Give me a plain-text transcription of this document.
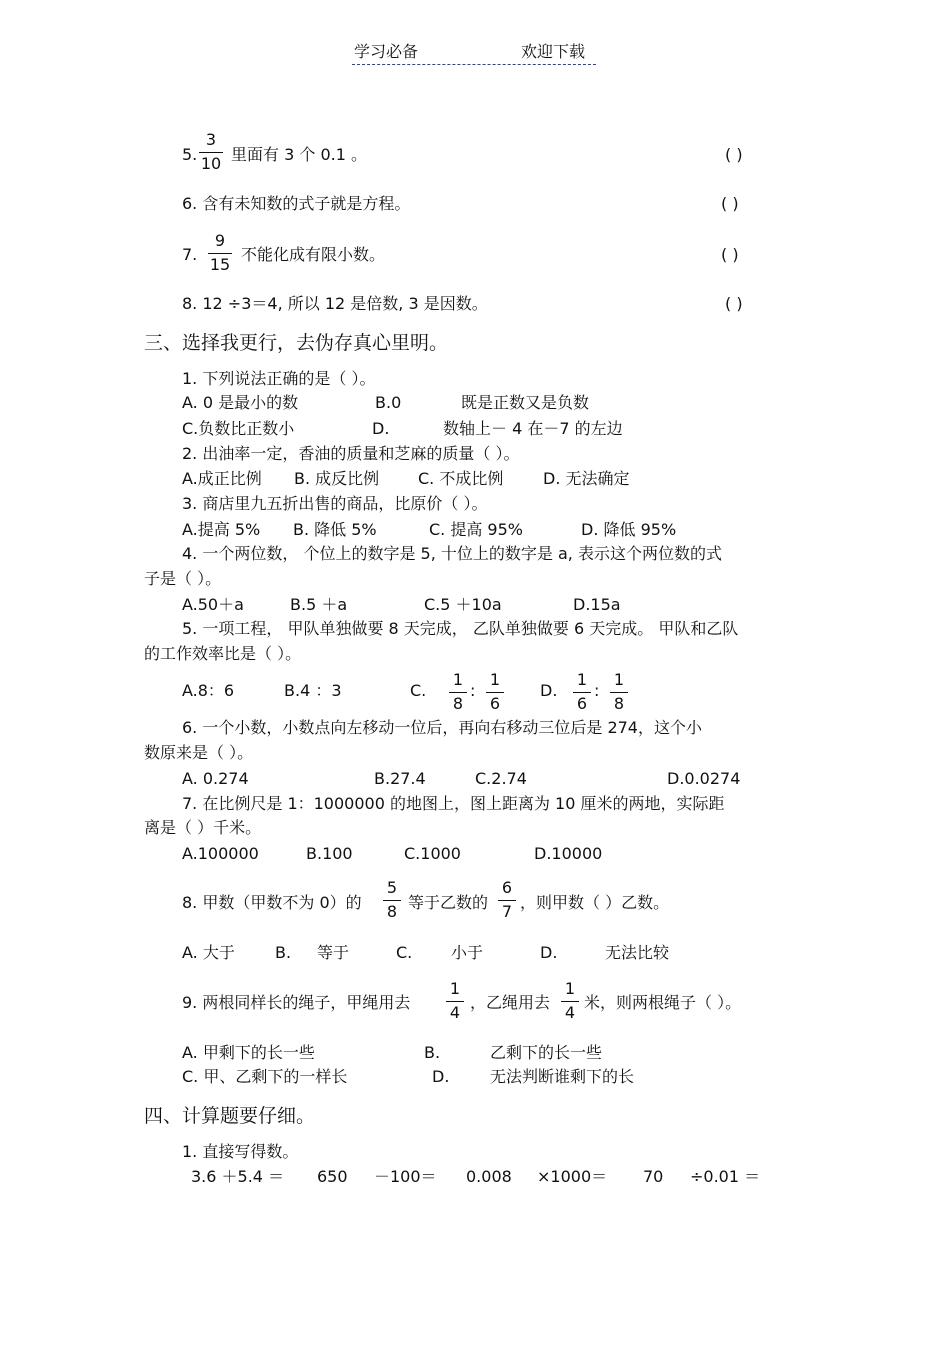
学习必备	欢迎下载
5.
3
10 里面有 3 个 0.1 。	( )
6. 含有未知数的式子就是方程。	( )
7.
9
15
不能化成有限小数。	( )
8. 12 ÷3＝4, 所以 12 是倍数, 3 是因数。	( )
三、选择我更行，去伪存真心里明。
1. 下列说法正确的是（ ）。
A. 0 是最小的数	B.0	既是正数又是负数
C.负数比正数小	D.	数轴上－ 4 在－7 的左边
2. 出油率一定，香油的质量和芝麻的质量（ ）。
A.成正比例 B. 成反比例 C. 不成比例 D. 无法确定
3. 商店里九五折出售的商品，比原价（ ）。
A.提高 5% B. 降低 5%	C. 提高 95%	D. 降低 95%
4. 一个两位数， 个位上的数字是 5, 十位上的数字是 a, 表示这个两位数的式
子是（ ）。
A.50＋a	B.5 ＋a	C.5 ＋10a	D.15a
5. 一项工程， 甲队单独做要 8 天完成， 乙队单独做要 6 天完成。 甲队和乙队
的工作效率比是（ ）。
A.8：6	B.4 ：3	C.
1
8
:
1
6
D.
1
6
:
1
8
6. 一个小数，小数点向左移动一位后，再向右移动三位后是 274，这个小
数原来是（ ）。
A. 0.274	B.27.4	C.2.74	D.0.0274
7. 在比例尺是 1：1000000 的地图上，图上距离为 10 厘米的两地，实际距
离是（ ）千米。
A.100000	B.100	C.1000	D.10000
8. 甲数（甲数不为 0）的
5
8 等于乙数的
6
7 ，则甲数（ ）乙数。
A. 大于	B. 等于	C. 小于	D.	无法比较
9. 两根同样长的绳子，甲绳用去
1
4
，乙绳用去
1
4
米，则两根绳子（ ）。
A. 甲剩下的长一些	B.	乙剩下的长一些
C. 甲、乙剩下的一样长	D.	无法判断谁剩下的长
四、计算题要仔细。
1. 直接写得数。
3.6 ＋5.4 ＝ 650 －100＝ 0.008 ×1000＝ 70 ÷0.01 ＝
